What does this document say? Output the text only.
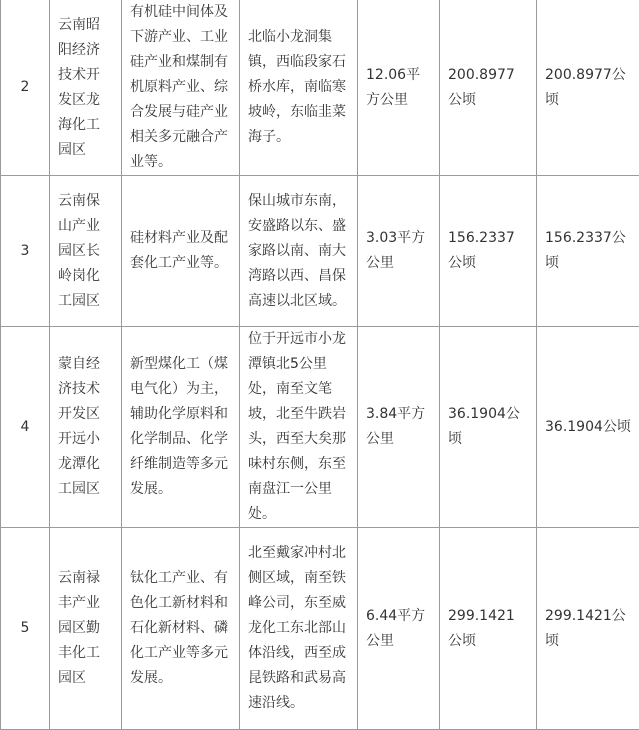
2	云南昭阳经济技术开发区龙海化工园区	有机硅中间体及下游产业、工业硅产业和煤制有机原料产业、综合发展与硅产业相关多元融合产业等。	北临小龙洞集镇，西临段家石桥水库，南临寒坡岭，东临韭菜海子。	12.06平方公里	200.8977公顷	200.8977公顷
3	云南保山产业园区长岭岗化工园区	硅材料产业及配套化工产业等。	保山城市东南，安盛路以东、盛家路以南、南大湾路以西、昌保高速以北区域。	3.03平方公里	156.2337公顷	156.2337公顷
4	蒙自经济技术开发区开远小龙潭化工园区	新型煤化工（煤电气化）为主，辅助化学原料和化学制品、化学纤维制造等多元发展。	位于开远市小龙潭镇北5公里处，南至文笔坡，北至牛跌岩头，西至大矣那味村东侧，东至南盘江一公里处。	3.84平方公里	36.1904公顷	36.1904公顷
5	云南禄丰产业园区勤丰化工园区	钛化工产业、有色化工新材料和石化新材料、磷化工产业等多元发展。	北至戴家冲村北侧区域，南至铁峰公司，东至威龙化工东北部山体沿线，西至成昆铁路和武易高速沿线。	6.44平方公里	299.1421公顷	299.1421公顷
